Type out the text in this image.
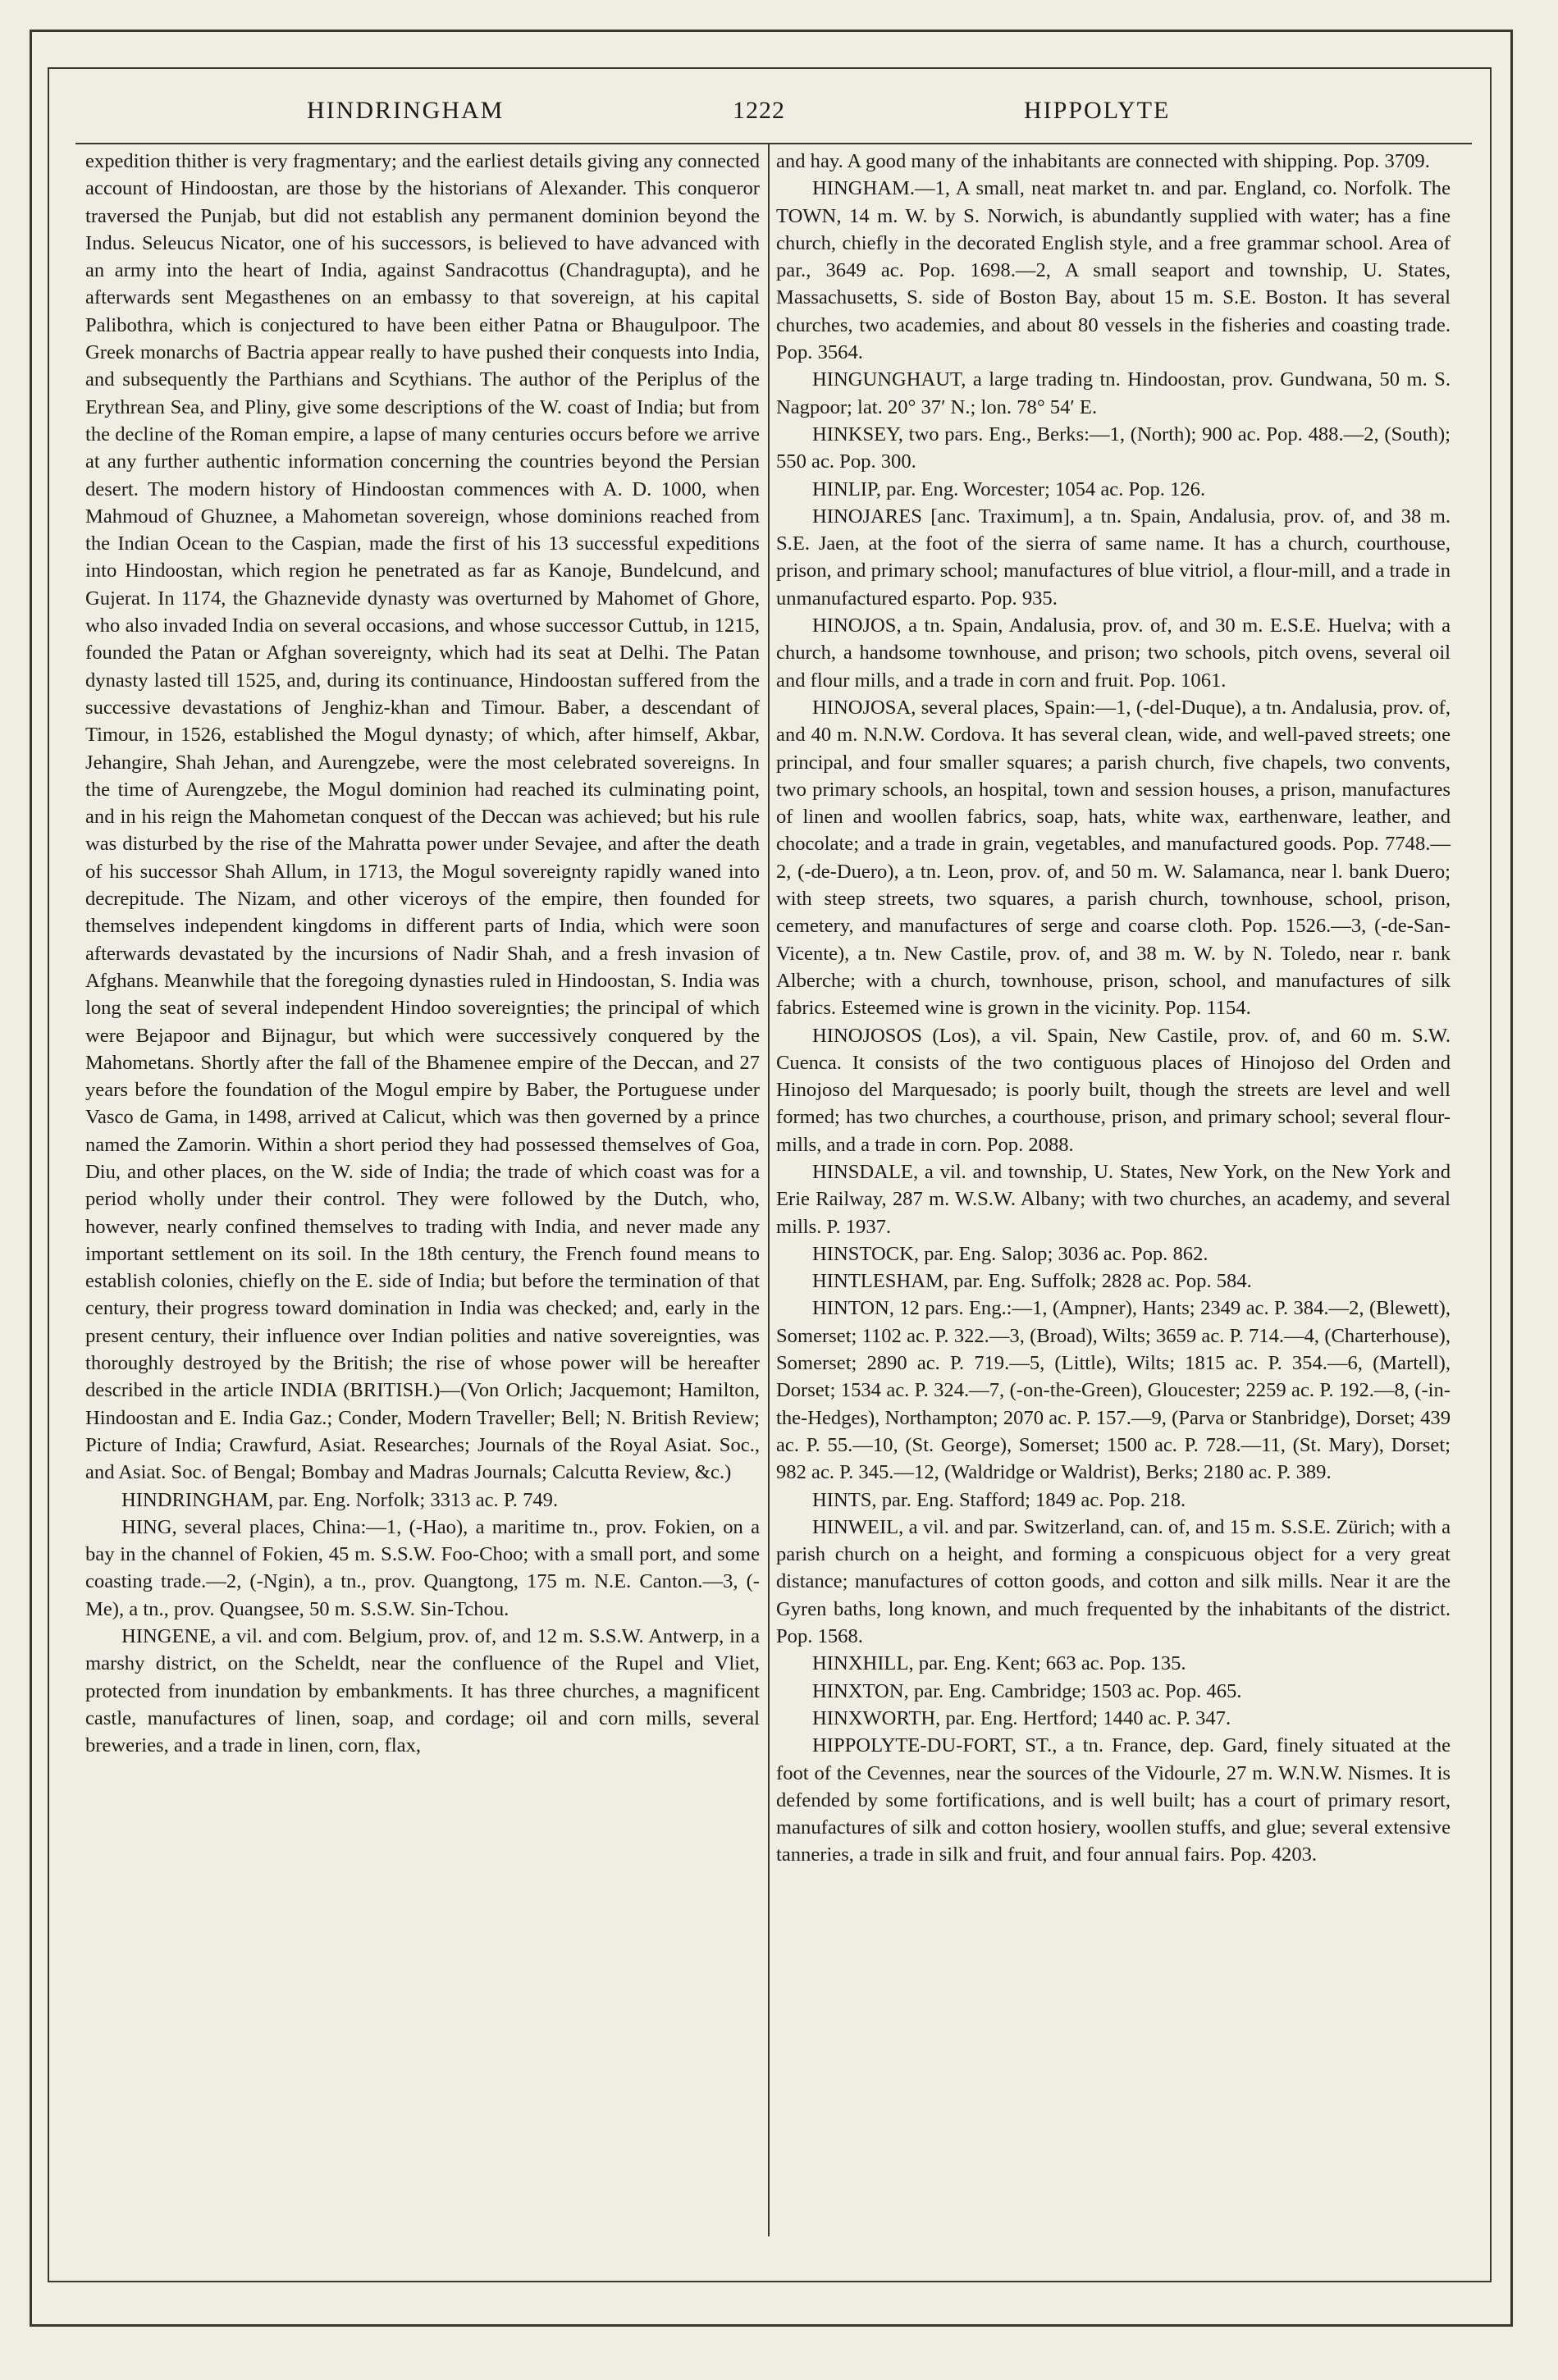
HINDRINGHAM	1222	HIPPOLYTE

expedition thither is very fragmentary; and the earliest details giving any connected account of Hindoostan, are those by the historians of Alexander. This conqueror traversed the Punjab, but did not establish any permanent dominion beyond the Indus. Seleucus Nicator, one of his successors, is believed to have advanced with an army into the heart of India, against Sandracottus (Chandragupta), and he afterwards sent Megasthenes on an embassy to that sovereign, at his capital Palibothra, which is conjectured to have been either Patna or Bhaugulpoor. The Greek monarchs of Bactria appear really to have pushed their conquests into India, and subsequently the Parthians and Scythians. The author of the Periplus of the Erythrean Sea, and Pliny, give some descriptions of the W. coast of India; but from the decline of the Roman empire, a lapse of many centuries occurs before we arrive at any further authentic information concerning the countries beyond the Persian desert. The modern history of Hindoostan commences with A. D. 1000, when Mahmoud of Ghuznee, a Mahometan sovereign, whose dominions reached from the Indian Ocean to the Caspian, made the first of his 13 successful expeditions into Hindoostan, which region he penetrated as far as Kanoje, Bundelcund, and Gujerat. In 1174, the Ghaznevide dynasty was overturned by Mahomet of Ghore, who also invaded India on several occasions, and whose successor Cuttub, in 1215, founded the Patan or Afghan sovereignty, which had its seat at Delhi. The Patan dynasty lasted till 1525, and, during its continuance, Hindoostan suffered from the successive devastations of Jenghiz-khan and Timour. Baber, a descendant of Timour, in 1526, established the Mogul dynasty; of which, after himself, Akbar, Jehangire, Shah Jehan, and Aurengzebe, were the most celebrated sovereigns. In the time of Aurengzebe, the Mogul dominion had reached its culminating point, and in his reign the Mahometan conquest of the Deccan was achieved; but his rule was disturbed by the rise of the Mahratta power under Sevajee, and after the death of his successor Shah Allum, in 1713, the Mogul sovereignty rapidly waned into decrepitude. The Nizam, and other viceroys of the empire, then founded for themselves independent kingdoms in different parts of India, which were soon afterwards devastated by the incursions of Nadir Shah, and a fresh invasion of Afghans. Meanwhile that the foregoing dynasties ruled in Hindoostan, S. India was long the seat of several independent Hindoo sovereignties; the principal of which were Bejapoor and Bijnagur, but which were successively conquered by the Mahometans. Shortly after the fall of the Bhamenee empire of the Deccan, and 27 years before the foundation of the Mogul empire by Baber, the Portuguese under Vasco de Gama, in 1498, arrived at Calicut, which was then governed by a prince named the Zamorin. Within a short period they had possessed themselves of Goa, Diu, and other places, on the W. side of India; the trade of which coast was for a period wholly under their control. They were followed by the Dutch, who, however, nearly confined themselves to trading with India, and never made any important settlement on its soil. In the 18th century, the French found means to establish colonies, chiefly on the E. side of India; but before the termination of that century, their progress toward domination in India was checked; and, early in the present century, their influence over Indian polities and native sovereignties, was thoroughly destroyed by the British; the rise of whose power will be hereafter described in the article INDIA (BRITISH.)—(Von Orlich; Jacquemont; Hamilton, Hindoostan and E. India Gaz.; Conder, Modern Traveller; Bell; N. British Review; Picture of India; Crawfurd, Asiat. Researches; Journals of the Royal Asiat. Soc., and Asiat. Soc. of Bengal; Bombay and Madras Journals; Calcutta Review, &c.)

HINDRINGHAM, par. Eng. Norfolk; 3313 ac. P. 749.

HING, several places, China:—1, (-Hao), a maritime tn., prov. Fokien, on a bay in the channel of Fokien, 45 m. S.S.W. Foo-Choo; with a small port, and some coasting trade.—2, (-Ngin), a tn., prov. Quangtong, 175 m. N.E. Canton.—3, (-Me), a tn., prov. Quangsee, 50 m. S.S.W. Sin-Tchou.

HINGENE, a vil. and com. Belgium, prov. of, and 12 m. S.S.W. Antwerp, in a marshy district, on the Scheldt, near the confluence of the Rupel and Vliet, protected from inundation by embankments. It has three churches, a magnificent castle, manufactures of linen, soap, and cordage; oil and corn mills, several breweries, and a trade in linen, corn, flax,

and hay. A good many of the inhabitants are connected with shipping. Pop. 3709.

HINGHAM.—1, A small, neat market tn. and par. England, co. Norfolk. The TOWN, 14 m. W. by S. Norwich, is abundantly supplied with water; has a fine church, chiefly in the decorated English style, and a free grammar school. Area of par., 3649 ac. Pop. 1698.—2, A small seaport and township, U. States, Massachusetts, S. side of Boston Bay, about 15 m. S.E. Boston. It has several churches, two academies, and about 80 vessels in the fisheries and coasting trade. Pop. 3564.

HINGUNGHAUT, a large trading tn. Hindoostan, prov. Gundwana, 50 m. S. Nagpoor; lat. 20° 37′ N.; lon. 78° 54′ E.

HINKSEY, two pars. Eng., Berks:—1, (North); 900 ac. Pop. 488.—2, (South); 550 ac. Pop. 300.

HINLIP, par. Eng. Worcester; 1054 ac. Pop. 126.

HINOJARES [anc. Traximum], a tn. Spain, Andalusia, prov. of, and 38 m. S.E. Jaen, at the foot of the sierra of same name. It has a church, courthouse, prison, and primary school; manufactures of blue vitriol, a flour-mill, and a trade in unmanufactured esparto. Pop. 935.

HINOJOS, a tn. Spain, Andalusia, prov. of, and 30 m. E.S.E. Huelva; with a church, a handsome townhouse, and prison; two schools, pitch ovens, several oil and flour mills, and a trade in corn and fruit. Pop. 1061.

HINOJOSA, several places, Spain:—1, (-del-Duque), a tn. Andalusia, prov. of, and 40 m. N.N.W. Cordova. It has several clean, wide, and well-paved streets; one principal, and four smaller squares; a parish church, five chapels, two convents, two primary schools, an hospital, town and session houses, a prison, manufactures of linen and woollen fabrics, soap, hats, white wax, earthenware, leather, and chocolate; and a trade in grain, vegetables, and manufactured goods. Pop. 7748.—2, (-de-Duero), a tn. Leon, prov. of, and 50 m. W. Salamanca, near l. bank Duero; with steep streets, two squares, a parish church, townhouse, school, prison, cemetery, and manufactures of serge and coarse cloth. Pop. 1526.—3, (-de-San-Vicente), a tn. New Castile, prov. of, and 38 m. W. by N. Toledo, near r. bank Alberche; with a church, townhouse, prison, school, and manufactures of silk fabrics. Esteemed wine is grown in the vicinity. Pop. 1154.

HINOJOSOS (Los), a vil. Spain, New Castile, prov. of, and 60 m. S.W. Cuenca. It consists of the two contiguous places of Hinojoso del Orden and Hinojoso del Marquesado; is poorly built, though the streets are level and well formed; has two churches, a courthouse, prison, and primary school; several flour-mills, and a trade in corn. Pop. 2088.

HINSDALE, a vil. and township, U. States, New York, on the New York and Erie Railway, 287 m. W.S.W. Albany; with two churches, an academy, and several mills. P. 1937.

HINSTOCK, par. Eng. Salop; 3036 ac. Pop. 862.

HINTLESHAM, par. Eng. Suffolk; 2828 ac. Pop. 584.

HINTON, 12 pars. Eng.:—1, (Ampner), Hants; 2349 ac. P. 384.—2, (Blewett), Somerset; 1102 ac. P. 322.—3, (Broad), Wilts; 3659 ac. P. 714.—4, (Charterhouse), Somerset; 2890 ac. P. 719.—5, (Little), Wilts; 1815 ac. P. 354.—6, (Martell), Dorset; 1534 ac. P. 324.—7, (-on-the-Green), Gloucester; 2259 ac. P. 192.—8, (-in-the-Hedges), Northampton; 2070 ac. P. 157.—9, (Parva or Stanbridge), Dorset; 439 ac. P. 55.—10, (St. George), Somerset; 1500 ac. P. 728.—11, (St. Mary), Dorset; 982 ac. P. 345.—12, (Waldridge or Waldrist), Berks; 2180 ac. P. 389.

HINTS, par. Eng. Stafford; 1849 ac. Pop. 218.

HINWEIL, a vil. and par. Switzerland, can. of, and 15 m. S.S.E. Zürich; with a parish church on a height, and forming a conspicuous object for a very great distance; manufactures of cotton goods, and cotton and silk mills. Near it are the Gyren baths, long known, and much frequented by the inhabitants of the district. Pop. 1568.

HINXHILL, par. Eng. Kent; 663 ac. Pop. 135.

HINXTON, par. Eng. Cambridge; 1503 ac. Pop. 465.

HINXWORTH, par. Eng. Hertford; 1440 ac. P. 347.

HIPPOLYTE-DU-FORT, ST., a tn. France, dep. Gard, finely situated at the foot of the Cevennes, near the sources of the Vidourle, 27 m. W.N.W. Nismes. It is defended by some fortifications, and is well built; has a court of primary resort, manufactures of silk and cotton hosiery, woollen stuffs, and glue; several extensive tanneries, a trade in silk and fruit, and four annual fairs. Pop. 4203.
